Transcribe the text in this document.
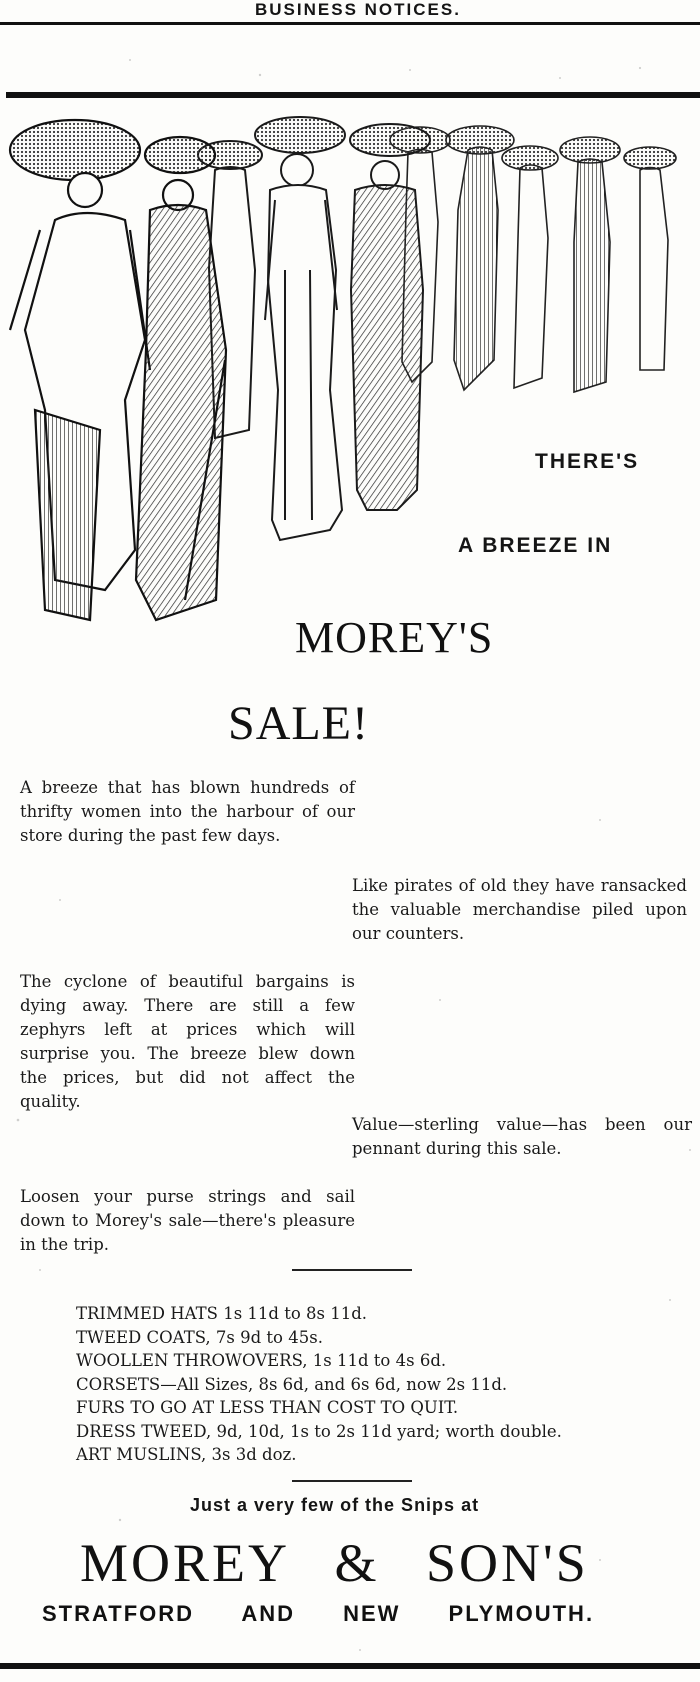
BUSINESS NOTICES.
THERE'S
A BREEZE IN
MOREY'S
SALE!

A breeze that has blown hundreds of thrifty women into the harbour of our store during the past few days.

Like pirates of old they have ransacked the valuable merchandise piled upon our counters.

The cyclone of beautiful bargains is dying away. There are still a few zephyrs left at prices which will surprise you. The breeze blew down the prices, but did not affect the quality.

Value—sterling value—has been our pennant during this sale.

Loosen your purse strings and sail down to Morey's sale—there's pleasure in the trip.

TRIMMED HATS 1s 11d to 8s 11d.
TWEED COATS, 7s 9d to 45s.
WOOLLEN THROWOVERS, 1s 11d to 4s 6d.
CORSETS—All Sizes, 8s 6d, and 6s 6d, now 2s 11d.
FURS TO GO AT LESS THAN COST TO QUIT.
DRESS TWEED, 9d, 10d, 1s to 2s 11d yard; worth double.
ART MUSLINS, 3s 3d doz.
Just a very few of the Snips at
MOREY & SON'S
STRATFORD AND NEW PLYMOUTH.
